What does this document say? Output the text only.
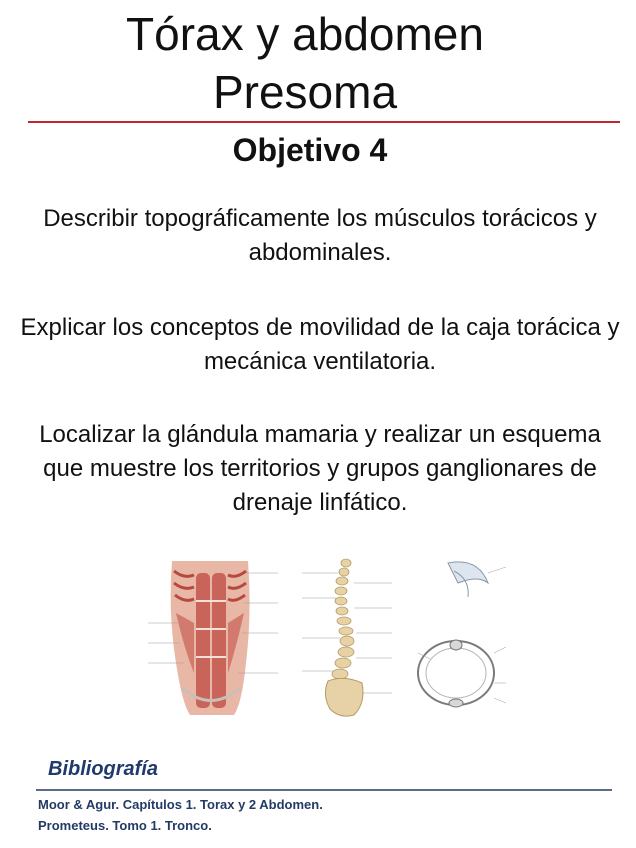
Tórax y abdomen
Presoma
Objetivo 4
Describir topográficamente los músculos torácicos y abdominales.
Explicar los conceptos de movilidad de la caja torácica y mecánica ventilatoria.
Localizar la glándula mamaria y realizar un esquema que muestre los territorios y grupos ganglionares de drenaje linfático.
Bibliografía
Moor & Agur. Capítulos 1. Torax y 2 Abdomen.
Prometeus. Tomo 1. Tronco.
